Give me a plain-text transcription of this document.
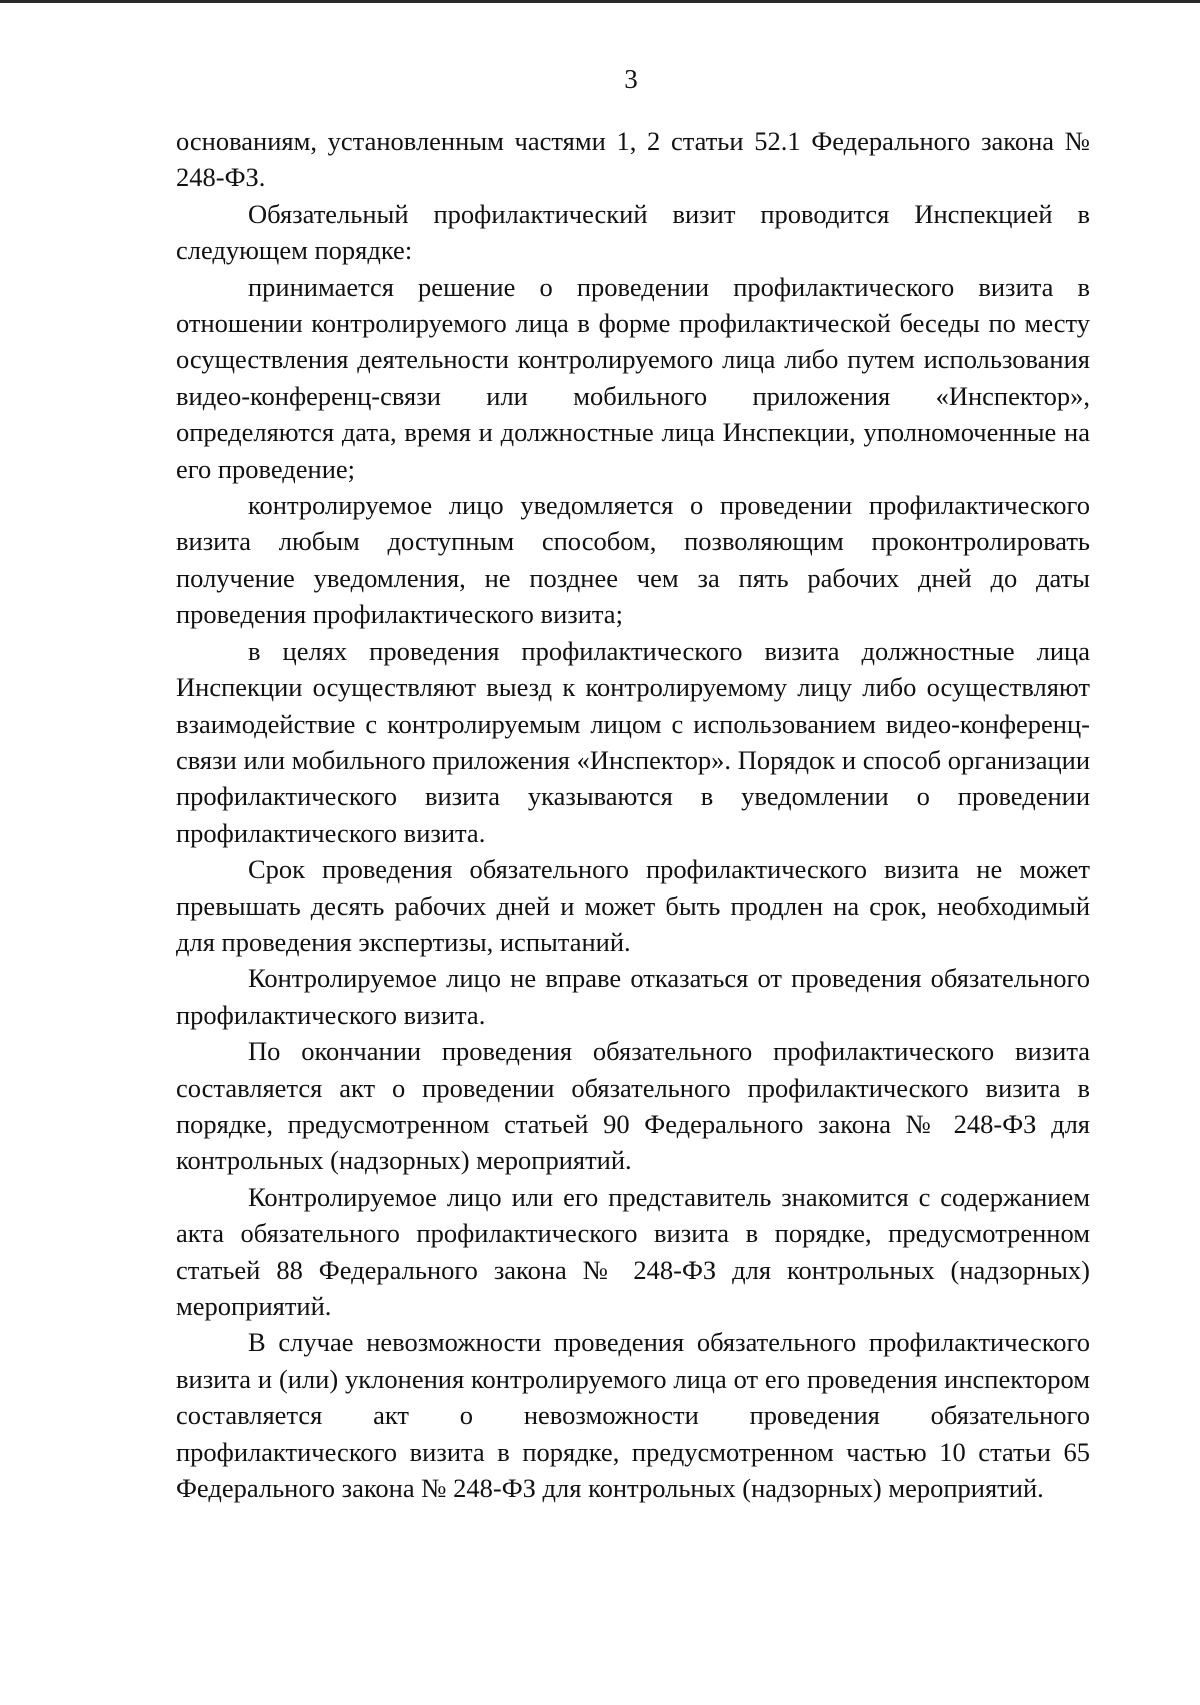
3

основаниям, установленным частями 1, 2 статьи 52.1 Федерального закона № 248-ФЗ.

Обязательный профилактический визит проводится Инспекцией в следующем порядке:

принимается решение о проведении профилактического визита в отношении контролируемого лица в форме профилактической беседы по месту осуществления деятельности контролируемого лица либо путем использования видео-конференц-связи или мобильного приложения «Инспектор», определяются дата, время и должностные лица Инспекции, уполномоченные на его проведение;

контролируемое лицо уведомляется о проведении профилактического визита любым доступным способом, позволяющим проконтролировать получение уведомления, не позднее чем за пять рабочих дней до даты проведения профилактического визита;

в целях проведения профилактического визита должностные лица Инспекции осуществляют выезд к контролируемому лицу либо осуществляют взаимодействие с контролируемым лицом с использованием видео-конференц-связи или мобильного приложения «Инспектор». Порядок и способ организации профилактического визита указываются в уведомлении о проведении профилактического визита.

Срок проведения обязательного профилактического визита не может превышать десять рабочих дней и может быть продлен на срок, необходимый для проведения экспертизы, испытаний.

Контролируемое лицо не вправе отказаться от проведения обязательного профилактического визита.

По окончании проведения обязательного профилактического визита составляется акт о проведении обязательного профилактического визита в порядке, предусмотренном статьей 90 Федерального закона № 248-ФЗ для контрольных (надзорных) мероприятий.

Контролируемое лицо или его представитель знакомится с содержанием акта обязательного профилактического визита в порядке, предусмотренном статьей 88 Федерального закона № 248-ФЗ для контрольных (надзорных) мероприятий.

В случае невозможности проведения обязательного профилактического визита и (или) уклонения контролируемого лица от его проведения инспектором составляется акт о невозможности проведения обязательного профилактического визита в порядке, предусмотренном частью 10 статьи 65 Федерального закона № 248-ФЗ для контрольных (надзорных) мероприятий.
